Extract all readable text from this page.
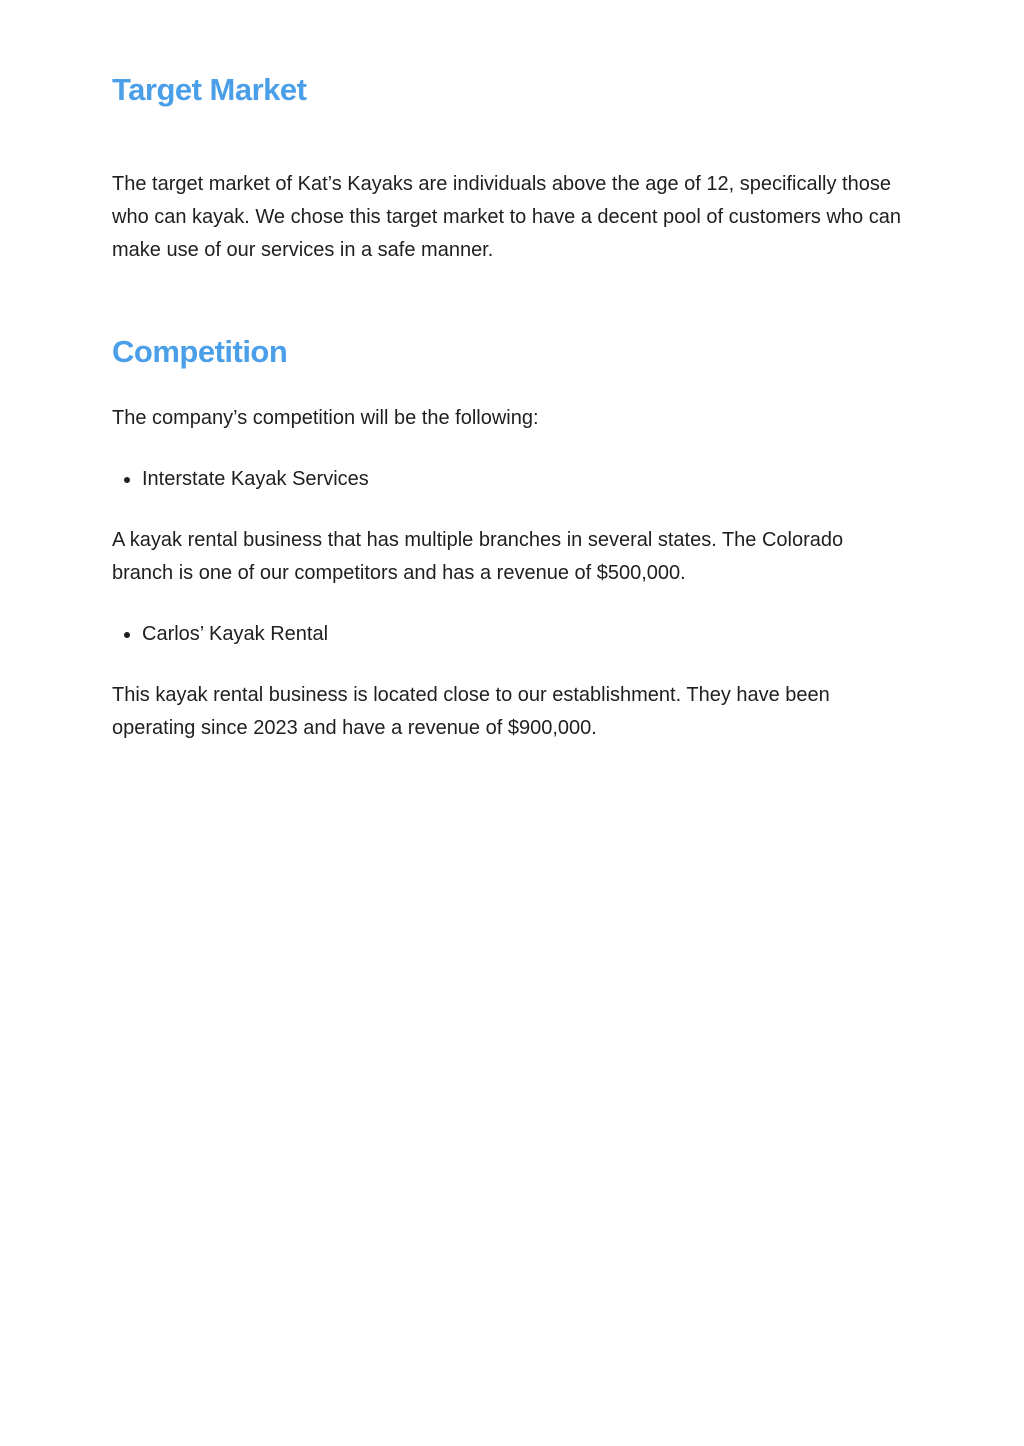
Target Market

The target market of Kat’s Kayaks are individuals above the age of 12, specifically those who can kayak. We chose this target market to have a decent pool of customers who can make use of our services in a safe manner.

Competition

The company’s competition will be the following:

Interstate Kayak Services

A kayak rental business that has multiple branches in several states. The Colorado branch is one of our competitors and has a revenue of $500,000.

Carlos’ Kayak Rental

This kayak rental business is located close to our establishment. They have been operating since 2023 and have a revenue of $900,000.
